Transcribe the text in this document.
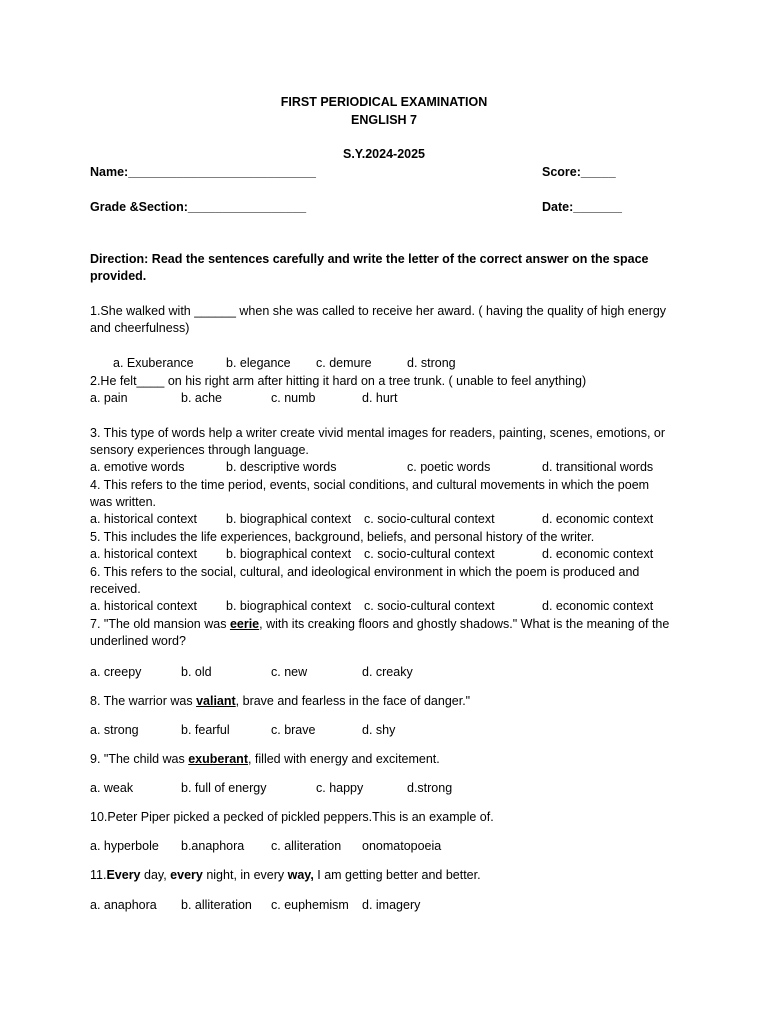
FIRST PERIODICAL EXAMINATION
ENGLISH 7
S.Y.2024-2025
Name:___________________________	Score:_____
Grade &Section:_________________	Date:_______
Direction: Read the sentences carefully and write the letter of the correct answer on the space provided.
1.She walked with ______ when she was called to receive her award. ( having the quality of high energy and cheerfulness)
a. Exuberance	b. elegance c. demure	d. strong
2.He felt____ on his right arm after hitting it hard on a tree trunk. ( unable to feel anything)
a. pain	b. ache	c. numb	d. hurt
3. This type of words help a writer create vivid mental images for readers, painting, scenes, emotions, or sensory experiences through language.
a. emotive words	b. descriptive words	c. poetic words	d. transitional words
4. This refers to the time period, events, social conditions, and cultural movements in which the poem was written.
a. historical context b. biographical context c. socio-cultural context	d. economic context
5. This includes the life experiences, background, beliefs, and personal history of the writer.
a. historical context b. biographical context c. socio-cultural context	d. economic context
6. This refers to the social, cultural, and ideological environment in which the poem is produced and received.
a. historical context b. biographical context c. socio-cultural context	d. economic context
7. "The old mansion was eerie, with its creaking floors and ghostly shadows." What is the meaning of the underlined word?
a. creepy	b. old	c. new	d. creaky
8. The warrior was valiant, brave and fearless in the face of danger."
a. strong	b. fearful	c. brave	d. shy
9. "The child was exuberant, filled with energy and excitement.
a. weak	b. full of energy	c. happy	d.strong
10.Peter Piper picked a pecked of pickled peppers.This is an example of.
a. hyperbole b.anaphora c. alliteration onomatopoeia
11.Every day, every night, in every way, I am getting better and better.
a. anaphora b. alliteration c. euphemism d. imagery
